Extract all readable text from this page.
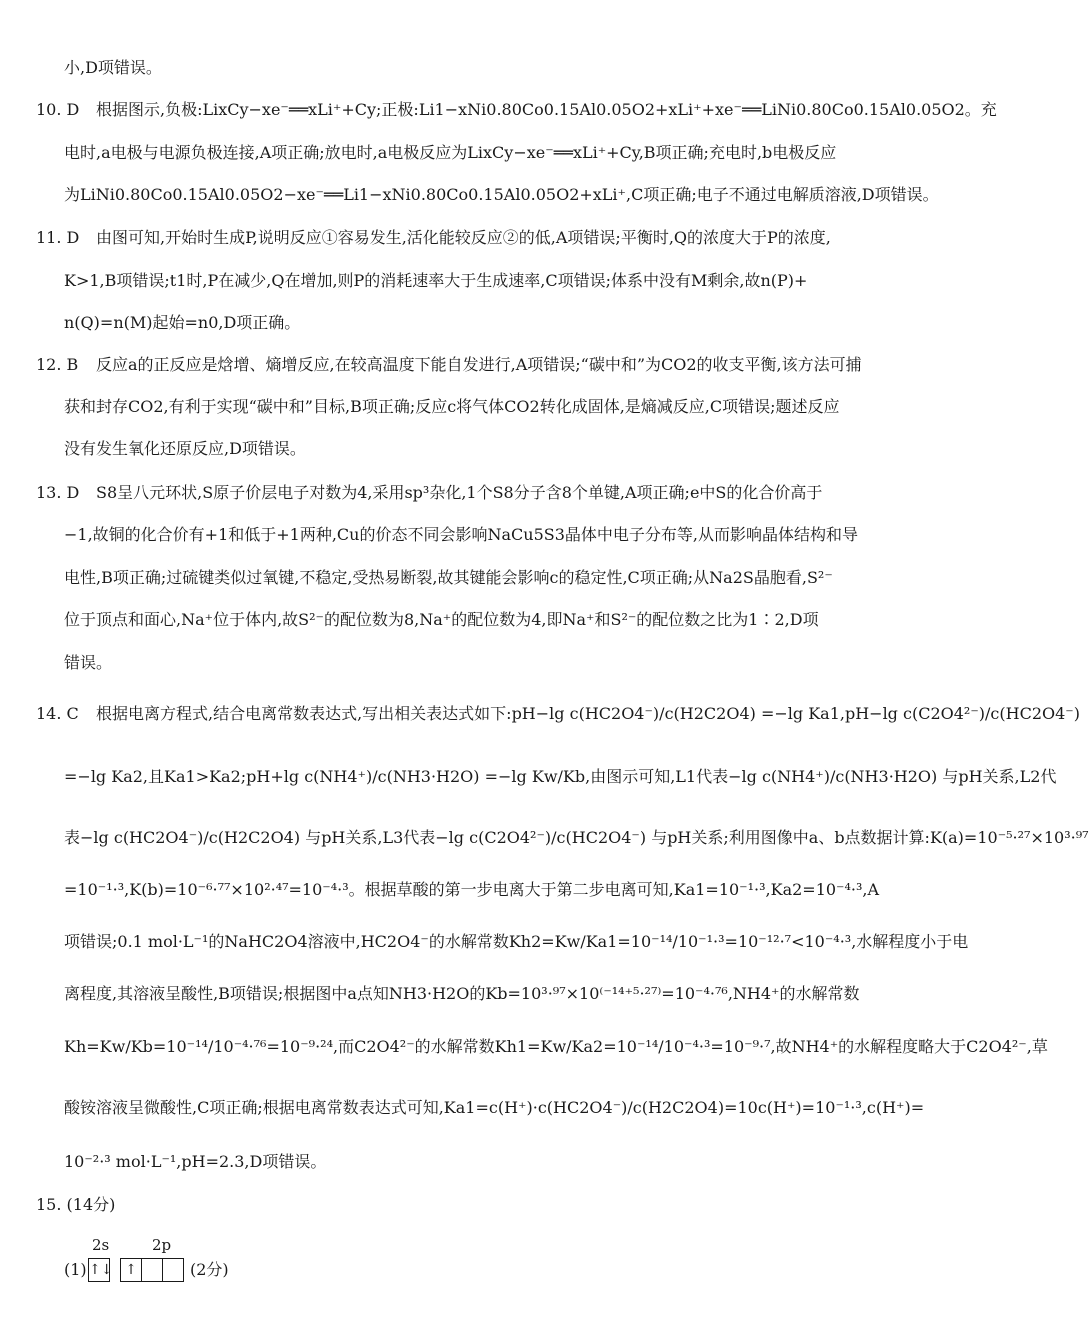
小,D项错误。
10. D 根据图示,负极:LixCy−xe⁻══xLi⁺+Cy;正极:Li1−xNi0.80Co0.15Al0.05O2+xLi⁺+xe⁻══LiNi0.80Co0.15Al0.05O2。充
电时,a电极与电源负极连接,A项正确;放电时,a电极反应为LixCy−xe⁻══xLi⁺+Cy,B项正确;充电时,b电极反应
为LiNi0.80Co0.15Al0.05O2−xe⁻══Li1−xNi0.80Co0.15Al0.05O2+xLi⁺,C项正确;电子不通过电解质溶液,D项错误。
11. D 由图可知,开始时生成P,说明反应①容易发生,活化能较反应②的低,A项错误;平衡时,Q的浓度大于P的浓度,
K>1,B项错误;t1时,P在减少,Q在增加,则P的消耗速率大于生成速率,C项错误;体系中没有M剩余,故n(P)+
n(Q)=n(M)起始=n0,D项正确。
12. B 反应a的正反应是焓增、熵增反应,在较高温度下能自发进行,A项错误;“碳中和”为CO2的收支平衡,该方法可捕
获和封存CO2,有利于实现“碳中和”目标,B项正确;反应c将气体CO2转化成固体,是熵减反应,C项错误;题述反应
没有发生氧化还原反应,D项错误。
13. D S8呈八元环状,S原子价层电子对数为4,采用sp³杂化,1个S8分子含8个单键,A项正确;e中S的化合价高于
−1,故铜的化合价有+1和低于+1两种,Cu的价态不同会影响NaCu5S3晶体中电子分布等,从而影响晶体结构和导
电性,B项正确;过硫键类似过氧键,不稳定,受热易断裂,故其键能会影响c的稳定性,C项正确;从Na2S晶胞看,S²⁻
位于顶点和面心,Na⁺位于体内,故S²⁻的配位数为8,Na⁺的配位数为4,即Na⁺和S²⁻的配位数之比为1∶2,D项
错误。
14. C 根据电离方程式,结合电离常数表达式,写出相关表达式如下:pH−lg c(HC2O4⁻)/c(H2C2O4) =−lg Ka1,pH−lg c(C2O4²⁻)/c(HC2O4⁻)
=−lg Ka2,且Ka1>Ka2;pH+lg c(NH4⁺)/c(NH3·H2O) =−lg Kw/Kb,由图示可知,L1代表−lg c(NH4⁺)/c(NH3·H2O) 与pH关系,L2代
表−lg c(HC2O4⁻)/c(H2C2O4) 与pH关系,L3代表−lg c(C2O4²⁻)/c(HC2O4⁻) 与pH关系;利用图像中a、b点数据计算:K(a)=10⁻⁵·²⁷×10³·⁹⁷
=10⁻¹·³,K(b)=10⁻⁶·⁷⁷×10²·⁴⁷=10⁻⁴·³。根据草酸的第一步电离大于第二步电离可知,Ka1=10⁻¹·³,Ka2=10⁻⁴·³,A
项错误;0.1 mol·L⁻¹的NaHC2O4溶液中,HC2O4⁻的水解常数Kh2=Kw/Ka1=10⁻¹⁴/10⁻¹·³=10⁻¹²·⁷<10⁻⁴·³,水解程度小于电
离程度,其溶液呈酸性,B项错误;根据图中a点知NH3·H2O的Kb=10³·⁹⁷×10⁽⁻¹⁴⁺⁵·²⁷⁾=10⁻⁴·⁷⁶,NH4⁺的水解常数
Kh=Kw/Kb=10⁻¹⁴/10⁻⁴·⁷⁶=10⁻⁹·²⁴,而C2O4²⁻的水解常数Kh1=Kw/Ka2=10⁻¹⁴/10⁻⁴·³=10⁻⁹·⁷,故NH4⁺的水解程度略大于C2O4²⁻,草
酸铵溶液呈微酸性,C项正确;根据电离常数表达式可知,Ka1=c(H⁺)·c(HC2O4⁻)/c(H2C2O4)=10c(H⁺)=10⁻¹·³,c(H⁺)=
10⁻²·³ mol·L⁻¹,pH=2.3,D项错误。
15. (14分)
2s	2p
(1) ↑↓ ↑	(2分)
